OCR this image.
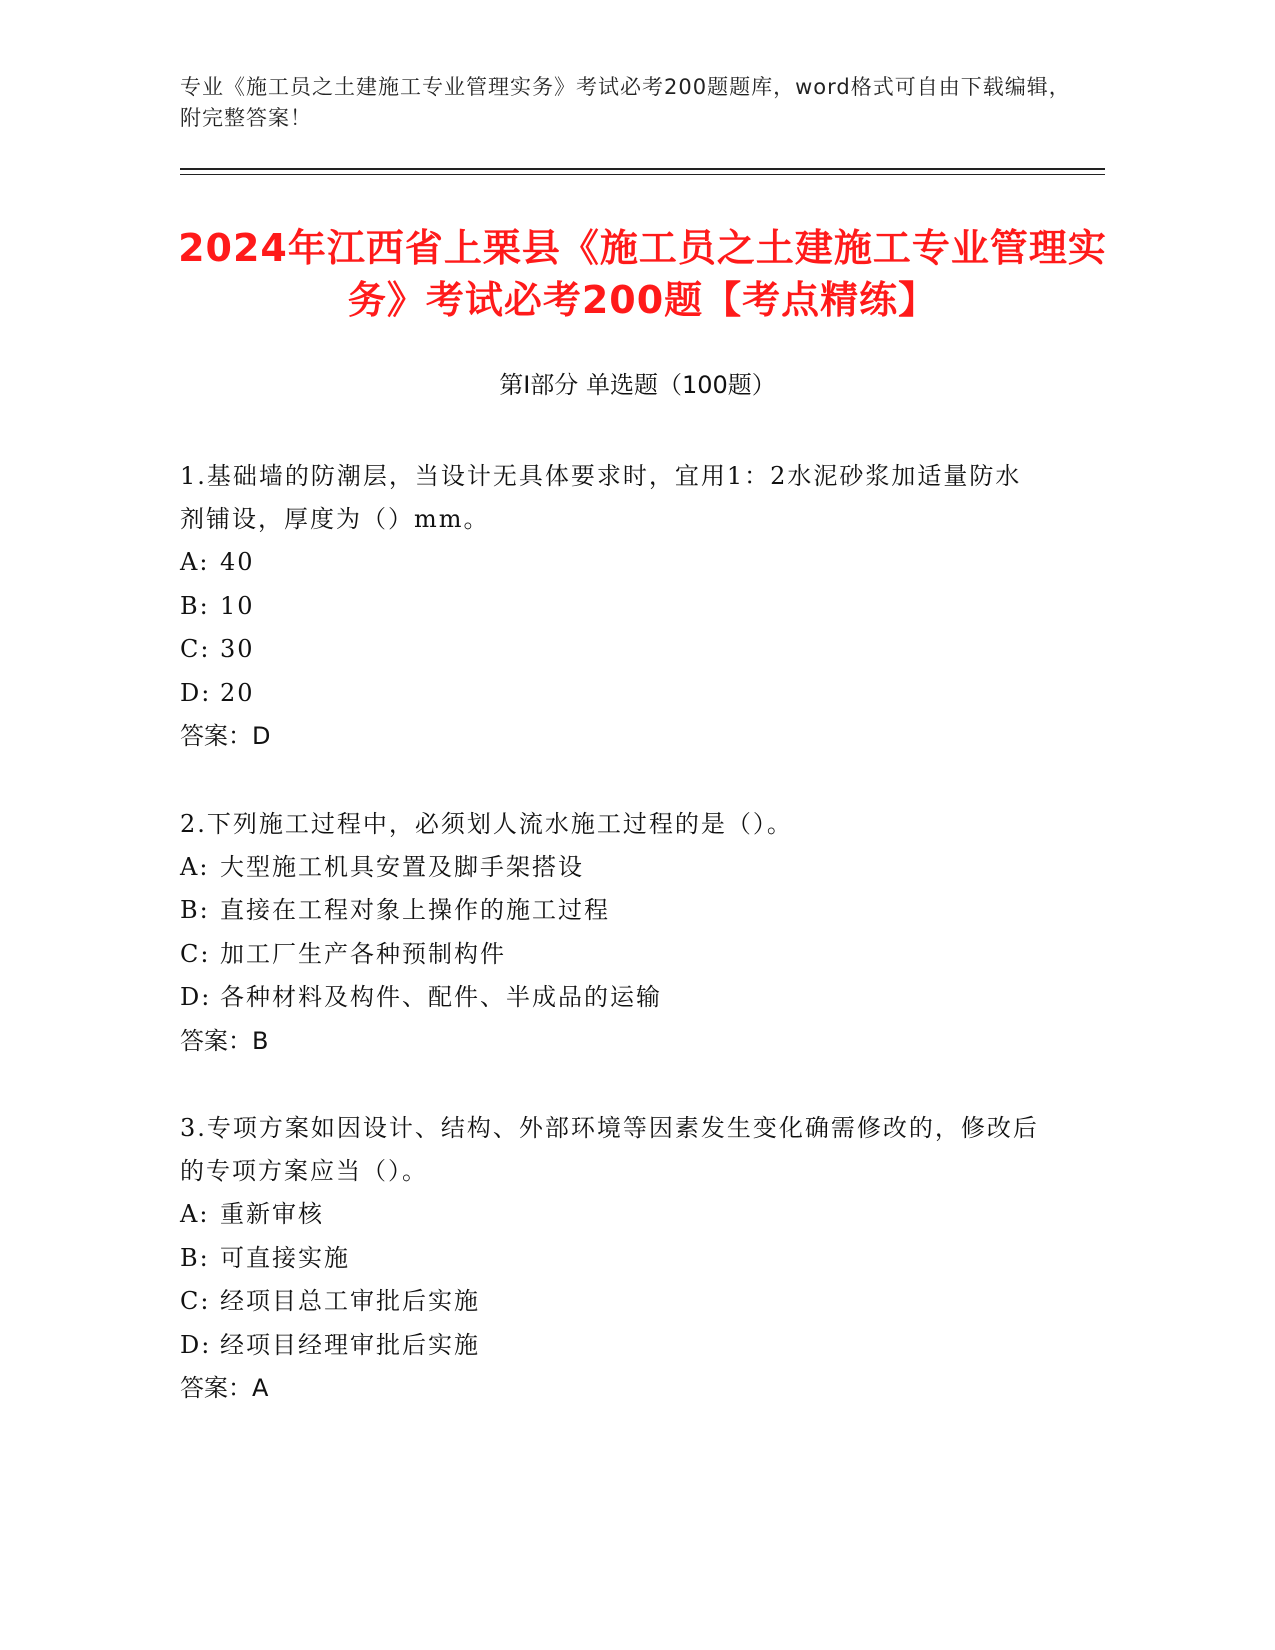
专业《施工员之土建施工专业管理实务》考试必考200题题库，word格式可自由下载编辑，附完整答案！
2024年江西省上栗县《施工员之土建施工专业管理实务》考试必考200题【考点精练】
第Ⅰ部分 单选题（100题）
1.基础墙的防潮层，当设计无具体要求时，宜用1：2水泥砂浆加适量防水剂铺设，厚度为（）mm。
A: 40
B: 10
C: 30
D: 20
答案：D
2.下列施工过程中，必须划人流水施工过程的是（）。
A: 大型施工机具安置及脚手架搭设
B: 直接在工程对象上操作的施工过程
C: 加工厂生产各种预制构件
D: 各种材料及构件、配件、半成品的运输
答案：B
3.专项方案如因设计、结构、外部环境等因素发生变化确需修改的，修改后的专项方案应当（）。
A: 重新审核
B: 可直接实施
C: 经项目总工审批后实施
D: 经项目经理审批后实施
答案：A
